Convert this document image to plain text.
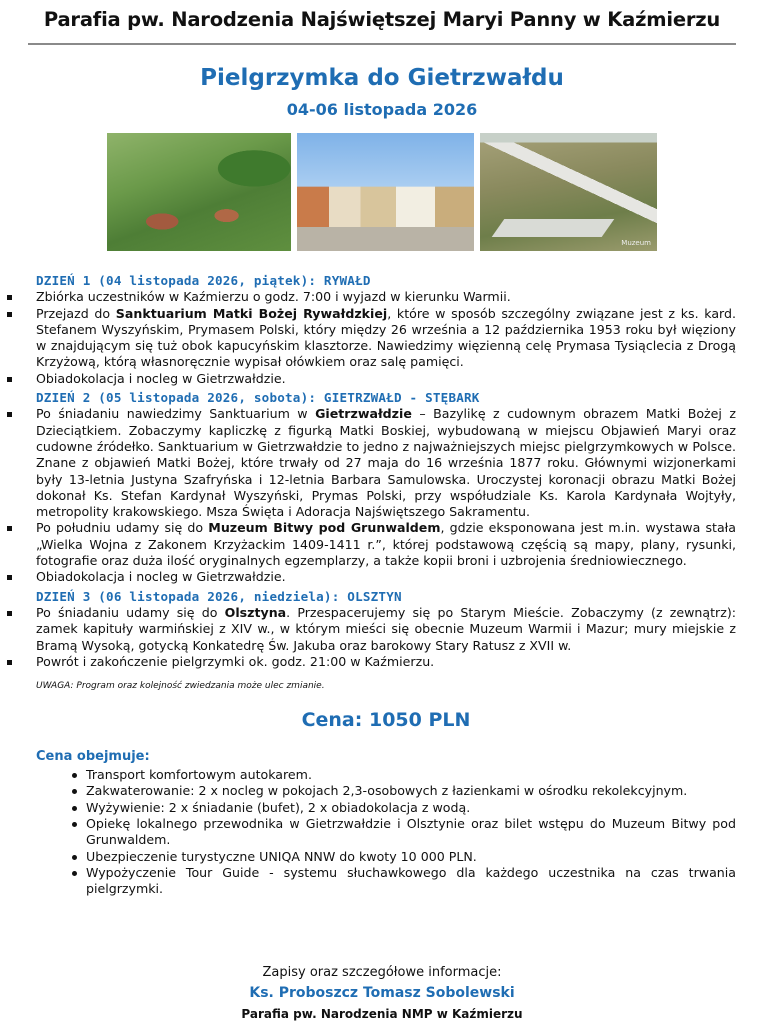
Parafia pw. Narodzenia Najświętszej Maryi Panny w Kaźmierzu
Pielgrzymka do Gietrzwałdu
04-06 listopada 2026
Muzeum
DZIEŃ 1 (04 listopada 2026, piątek): RYWAŁD
Zbiórka uczestników w Kaźmierzu o godz. 7:00 i wyjazd w kierunku Warmii.
Przejazd do Sanktuarium Matki Bożej Rywałdzkiej, które w sposób szczególny związane jest z ks. kard. Stefanem Wyszyńskim, Prymasem Polski, który między 26 września a 12 października 1953 roku był więziony w znajdującym się tuż obok kapucyńskim klasztorze. Nawiedzimy więzienną celę Prymasa Tysiąclecia z Drogą Krzyżową, którą własnoręcznie wypisał ołówkiem oraz salę pamięci.
Obiadokolacja i nocleg w Gietrzwałdzie.
DZIEŃ 2 (05 listopada 2026, sobota): GIETRZWAŁD - STĘBARK
Po śniadaniu nawiedzimy Sanktuarium w Gietrzwałdzie – Bazylikę z cudownym obrazem Matki Bożej z Dzieciątkiem. Zobaczymy kapliczkę z figurką Matki Boskiej, wybudowaną w miejscu Objawień Maryi oraz cudowne źródełko. Sanktuarium w Gietrzwałdzie to jedno z najważniejszych miejsc pielgrzymkowych w Polsce. Znane z objawień Matki Bożej, które trwały od 27 maja do 16 września 1877 roku. Głównymi wizjonerkami były 13-letnia Justyna Szafryńska i 12-letnia Barbara Samulowska. Uroczystej koronacji obrazu Matki Bożej dokonał Ks. Stefan Kardynał Wyszyński, Prymas Polski, przy współudziale Ks. Karola Kardynała Wojtyły, metropolity krakowskiego. Msza Święta i Adoracja Najświętszego Sakramentu.
Po południu udamy się do Muzeum Bitwy pod Grunwaldem, gdzie eksponowana jest m.in. wystawa stała „Wielka Wojna z Zakonem Krzyżackim 1409-1411 r.”, której podstawową częścią są mapy, plany, rysunki, fotografie oraz duża ilość oryginalnych egzemplarzy, a także kopii broni i uzbrojenia średniowiecznego.
Obiadokolacja i nocleg w Gietrzwałdzie.
DZIEŃ 3 (06 listopada 2026, niedziela): OLSZTYN
Po śniadaniu udamy się do Olsztyna. Przespacerujemy się po Starym Mieście. Zobaczymy (z zewnątrz): zamek kapituły warmińskiej z XIV w., w którym mieści się obecnie Muzeum Warmii i Mazur; mury miejskie z Bramą Wysoką, gotycką Konkatedrę Św. Jakuba oraz barokowy Stary Ratusz z XVII w.
Powrót i zakończenie pielgrzymki ok. godz. 21:00 w Kaźmierzu.
UWAGA: Program oraz kolejność zwiedzania może ulec zmianie.
Cena: 1050 PLN
Cena obejmuje:
Transport komfortowym autokarem.
Zakwaterowanie: 2 x nocleg w pokojach 2,3-osobowych z łazienkami w ośrodku rekolekcyjnym.
Wyżywienie: 2 x śniadanie (bufet), 2 x obiadokolacja z wodą.
Opiekę lokalnego przewodnika w Gietrzwałdzie i Olsztynie oraz bilet wstępu do Muzeum Bitwy pod Grunwaldem.
Ubezpieczenie turystyczne UNIQA NNW do kwoty 10 000 PLN.
Wypożyczenie Tour Guide - systemu słuchawkowego dla każdego uczestnika na czas trwania pielgrzymki.
Zapisy oraz szczegółowe informacje:
Ks. Proboszcz Tomasz Sobolewski
Parafia pw. Narodzenia NMP w Kaźmierzu
